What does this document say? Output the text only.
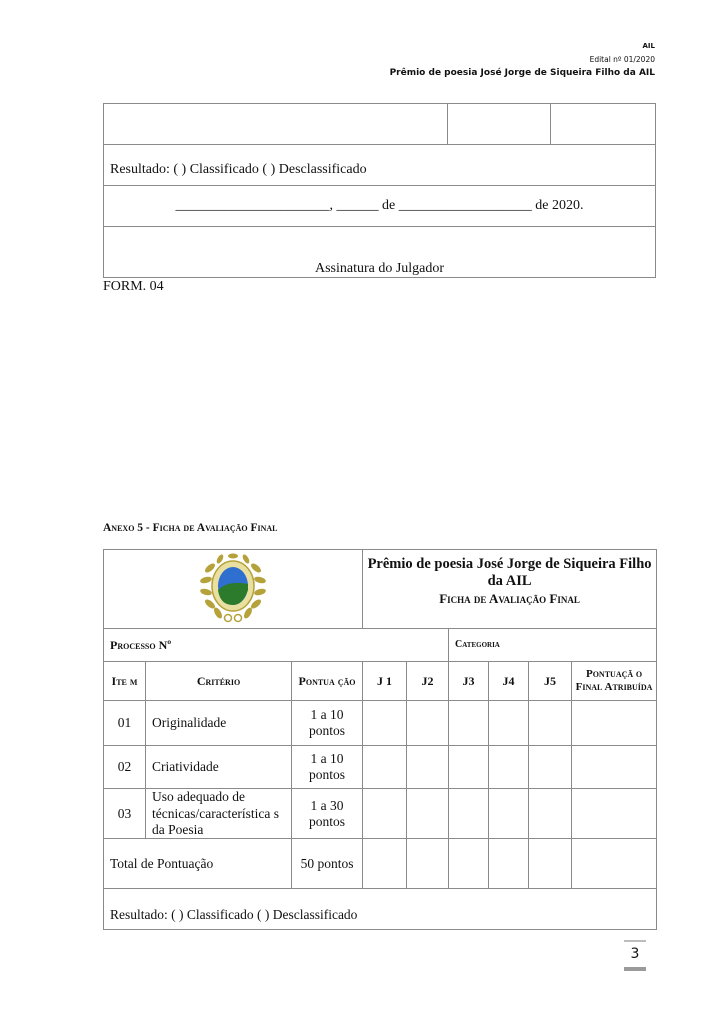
AIL
Edital nº 01/2020
Prêmio de poesia José Jorge de Siqueira Filho da AIL

Resultado: ( ) Classificado ( ) Desclassificado
______________________, ______ de ___________________ de 2020.
Assinatura do Julgador
FORM. 04
Anexo 5 - Ficha de Avaliação Final

Prêmio de poesia José Jorge de Siqueira Filho da AIL
Ficha de Avaliação Final					

Processo Nº					Categoria			
Ite m	Critério	Pontua ção	J 1	J2	J3	J4	J5	Pontuaçã o Final Atribuída
01	Originalidade	1 a 10 pontos						
02	Criatividade	1 a 10 pontos						
03	Uso adequado de técnicas/característica s da Poesia	1 a 30 pontos						
Total de Pontuação		50 pontos						
Resultado: ( ) Classificado ( ) Desclassificado								
3
